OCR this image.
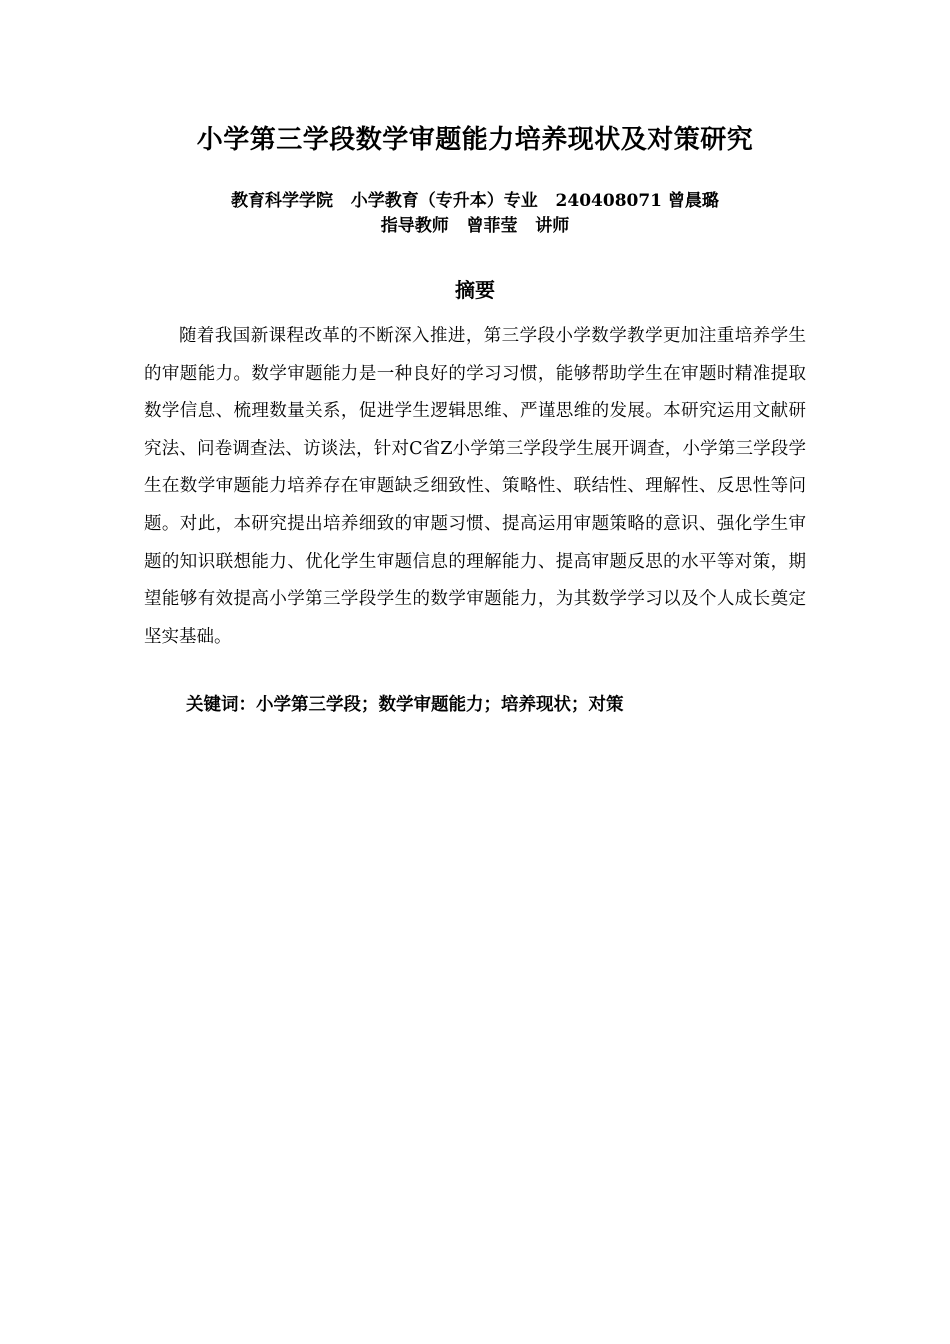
小学第三学段数学审题能力培养现状及对策研究
教育科学学院   小学教育（专升本）专业   240408071 曾晨璐
指导教师   曾菲莹   讲师
摘要

随着我国新课程改革的不断深入推进，第三学段小学数学教学更加注重培养学生的审题能力。数学审题能力是一种良好的学习习惯，能够帮助学生在审题时精准提取数学信息、梳理数量关系，促进学生逻辑思维、严谨思维的发展。本研究运用文献研究法、问卷调查法、访谈法，针对C省Z小学第三学段学生展开调查，小学第三学段学生在数学审题能力培养存在审题缺乏细致性、策略性、联结性、理解性、反思性等问题。对此，本研究提出培养细致的审题习惯、提高运用审题策略的意识、强化学生审题的知识联想能力、优化学生审题信息的理解能力、提高审题反思的水平等对策，期望能够有效提高小学第三学段学生的数学审题能力，为其数学学习以及个人成长奠定坚实基础。

关键词：小学第三学段；数学审题能力；培养现状；对策
